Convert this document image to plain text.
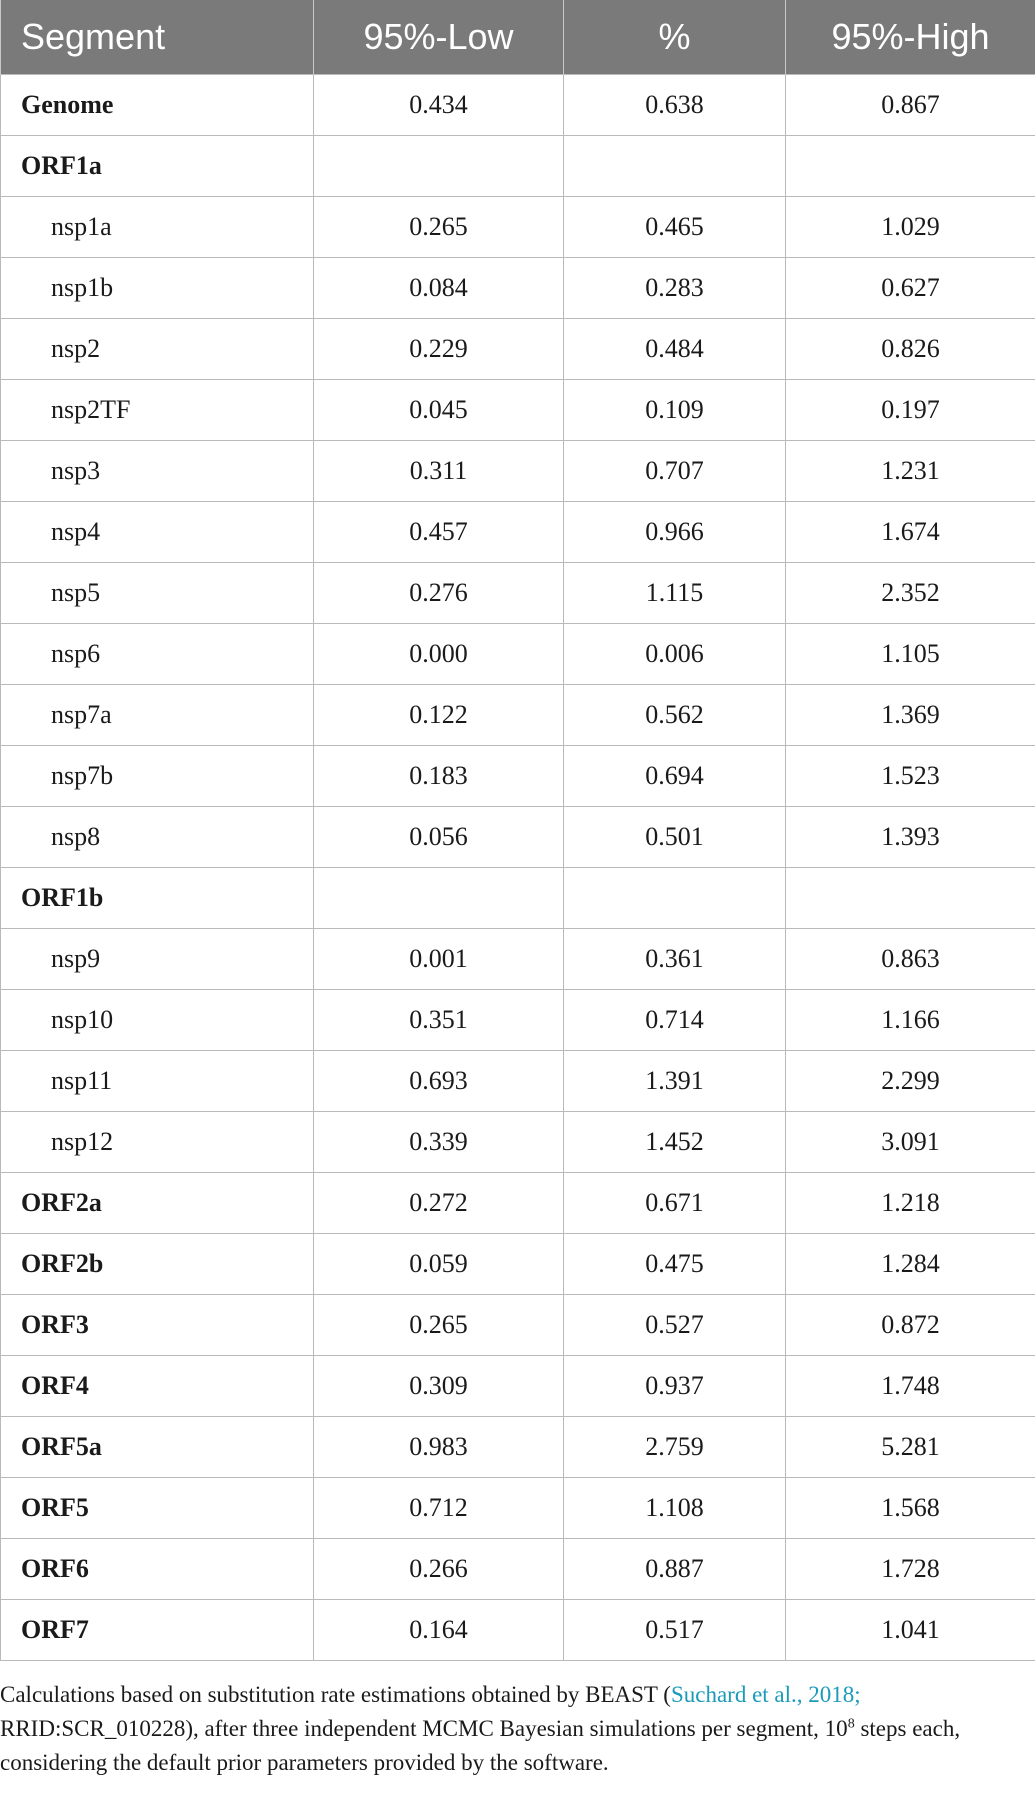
Segment	95%-Low	%	95%-High
Genome	0.434	0.638	0.867
ORF1a			
nsp1a	0.265	0.465	1.029
nsp1b	0.084	0.283	0.627
nsp2	0.229	0.484	0.826
nsp2TF	0.045	0.109	0.197
nsp3	0.311	0.707	1.231
nsp4	0.457	0.966	1.674
nsp5	0.276	1.115	2.352
nsp6	0.000	0.006	1.105
nsp7a	0.122	0.562	1.369
nsp7b	0.183	0.694	1.523
nsp8	0.056	0.501	1.393
ORF1b			
nsp9	0.001	0.361	0.863
nsp10	0.351	0.714	1.166
nsp11	0.693	1.391	2.299
nsp12	0.339	1.452	3.091
ORF2a	0.272	0.671	1.218
ORF2b	0.059	0.475	1.284
ORF3	0.265	0.527	0.872
ORF4	0.309	0.937	1.748
ORF5a	0.983	2.759	5.281
ORF5	0.712	1.108	1.568
ORF6	0.266	0.887	1.728
ORF7	0.164	0.517	1.041

Calculations based on substitution rate estimations obtained by BEAST (Suchard et al., 2018; RRID:SCR_010228), after three independent MCMC Bayesian simulations per segment, $10^8$ steps each, considering the default prior parameters provided by the software.
